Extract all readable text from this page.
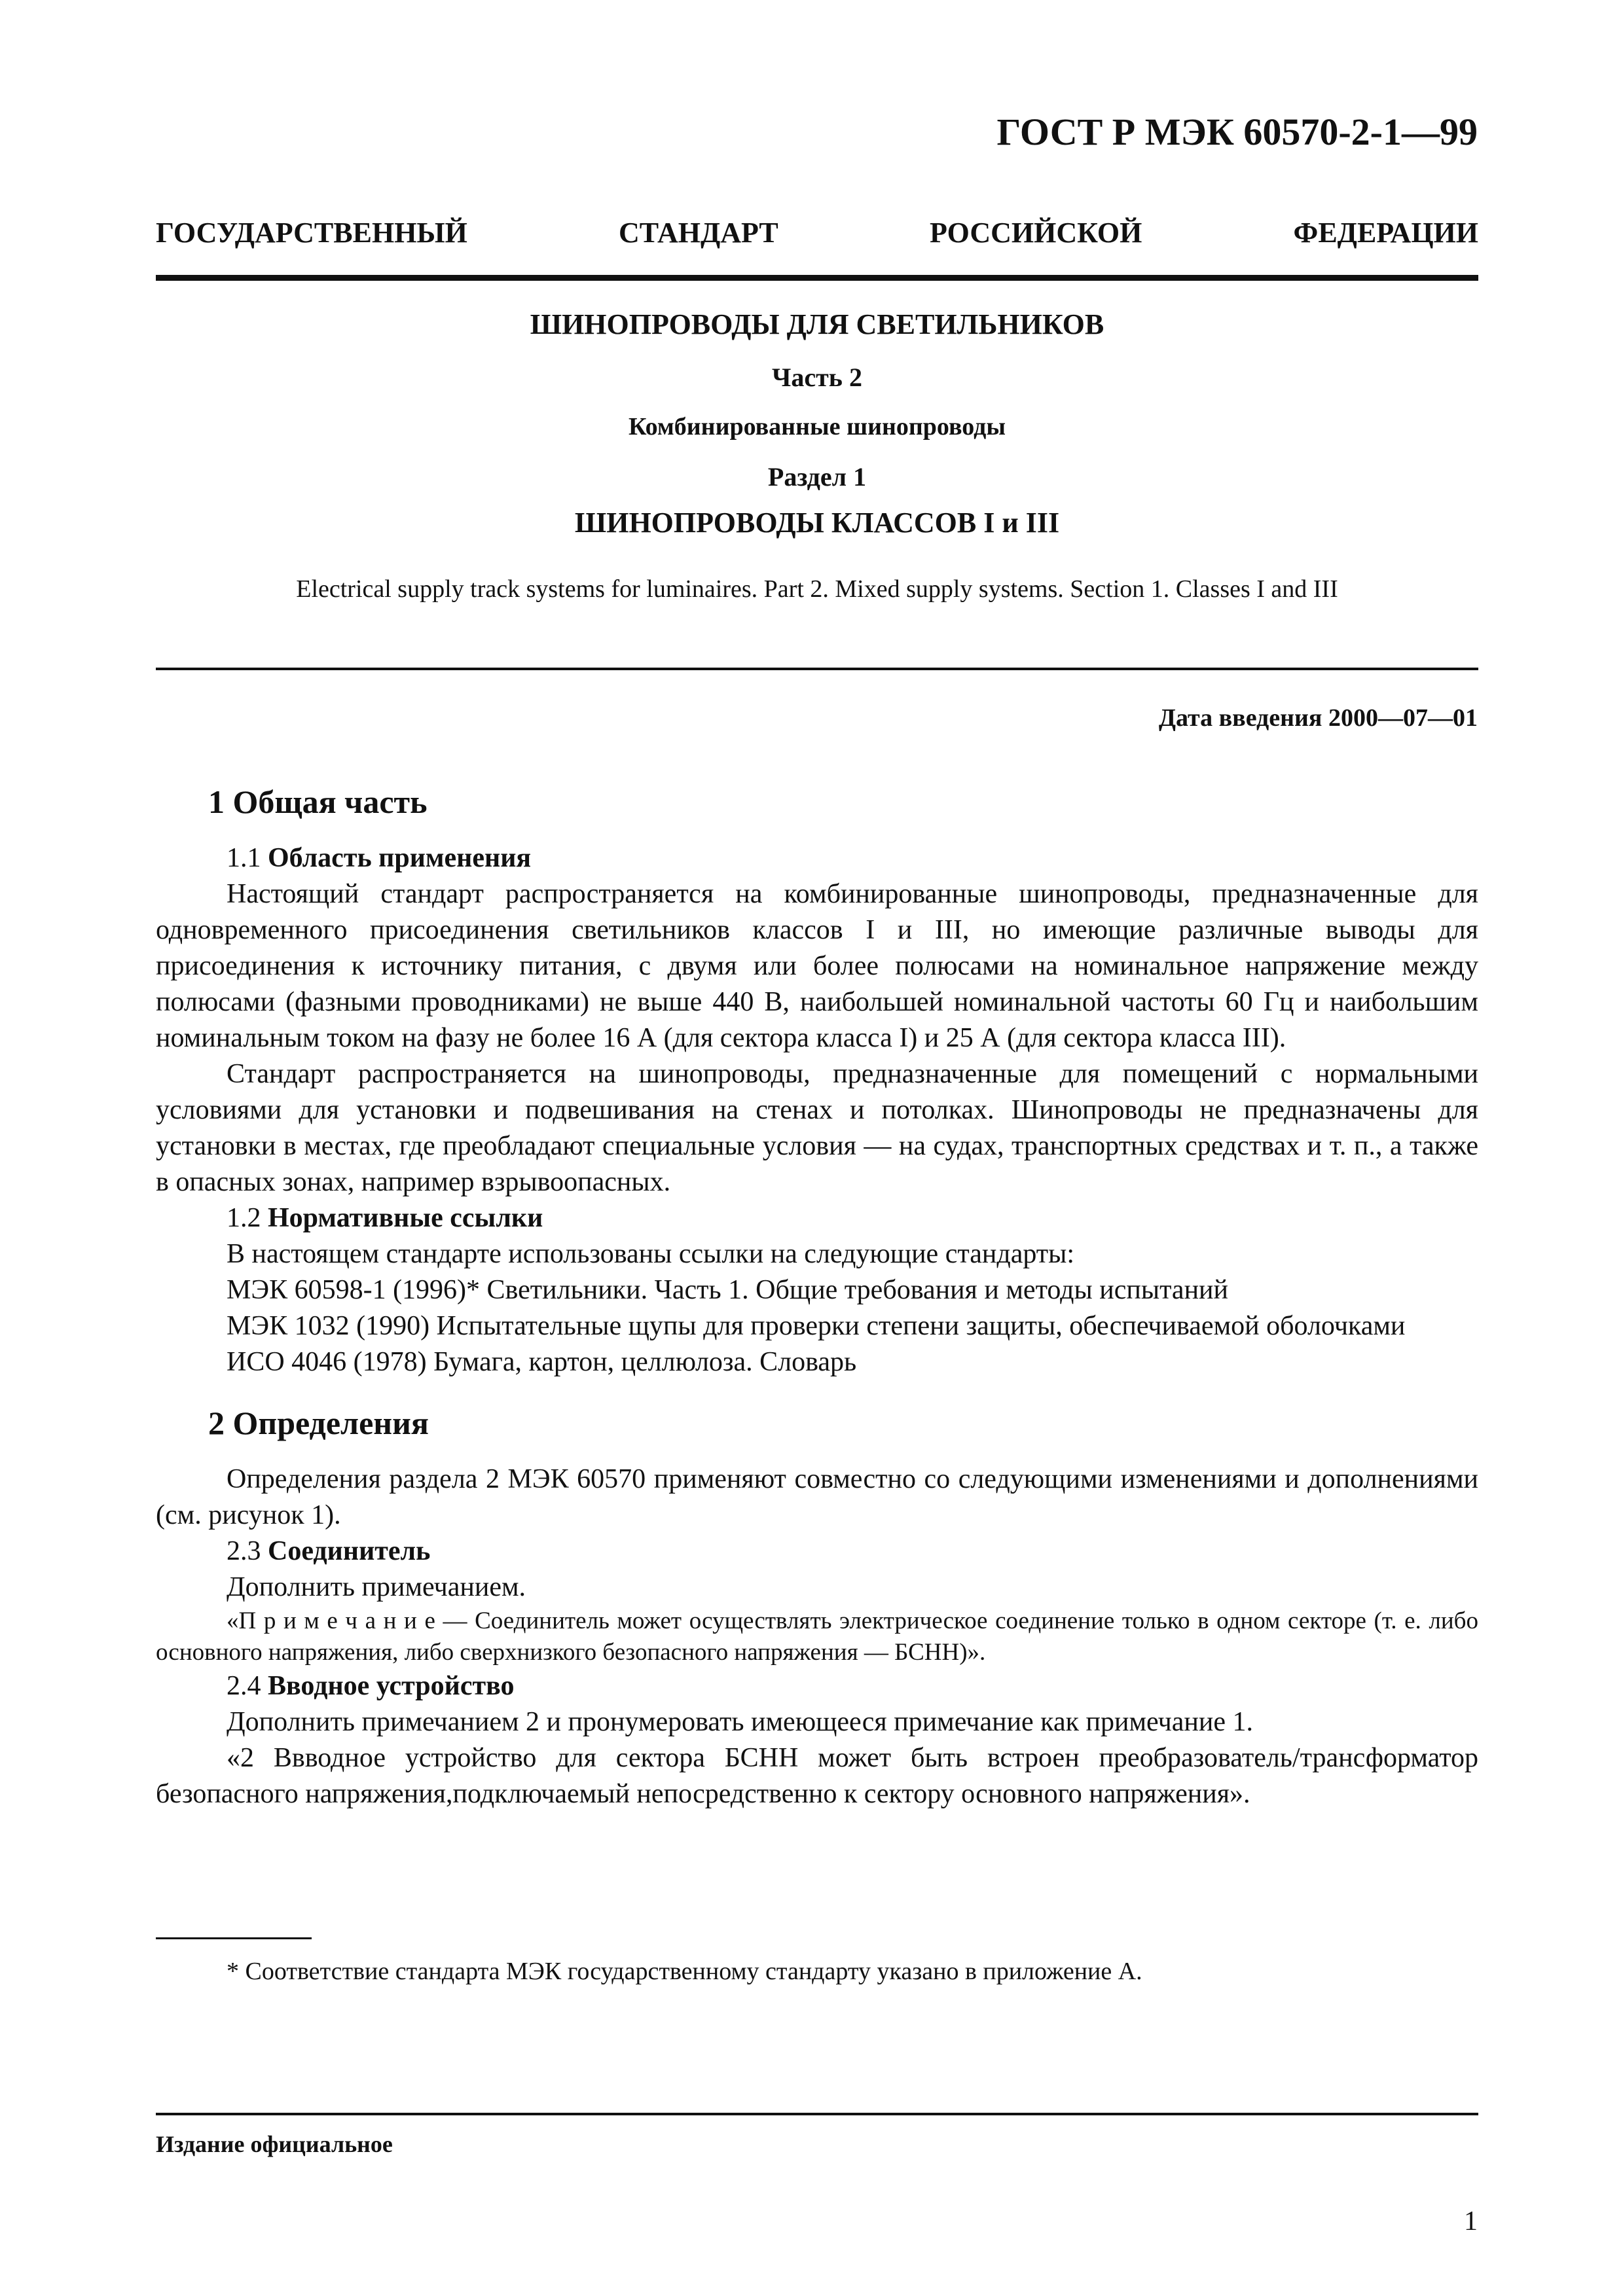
ГОСТ Р МЭК 60570-2-1—99

ГОСУДАРСТВЕННЫЙ СТАНДАРТ РОССИЙСКОЙ ФЕДЕРАЦИИ

ШИНОПРОВОДЫ ДЛЯ СВЕТИЛЬНИКОВ

Часть 2

Комбинированные шинопроводы

Раздел 1

ШИНОПРОВОДЫ КЛАССОВ I и III

Electrical supply track systems for luminaires. Part 2. Mixed supply systems. Section 1. Classes I and III

Дата введения 2000—07—01

1 Общая часть

1.1 Область применения

Настоящий стандарт распространяется на комбинированные шинопроводы, предназначенные для одновременного присоединения светильников классов I и III, но имеющие различные выводы для присоединения к источнику питания, с двумя или более полюсами на номинальное напряжение между полюсами (фазными проводниками) не выше 440 В, наибольшей номинальной частоты 60 Гц и наибольшим номинальным током на фазу не более 16 А (для сектора класса I) и 25 А (для сектора класса III).

Стандарт распространяется на шинопроводы, предназначенные для помещений с нормальными условиями для установки и подвешивания на стенах и потолках. Шинопроводы не предназначены для установки в местах, где преобладают специальные условия — на судах, транспортных средствах и т. п., а также в опасных зонах, например взрывоопасных.

1.2 Нормативные ссылки

В настоящем стандарте использованы ссылки на следующие стандарты:

МЭК 60598-1 (1996)* Светильники. Часть 1. Общие требования и методы испытаний

МЭК 1032 (1990) Испытательные щупы для проверки степени защиты, обеспечиваемой оболочками

ИСО 4046 (1978) Бумага, картон, целлюлоза. Словарь

2 Определения

Определения раздела 2 МЭК 60570 применяют совместно со следующими изменениями и дополнениями (см. рисунок 1).

2.3 Соединитель

Дополнить примечанием.

«П р и м е ч а н и е — Соединитель может осуществлять электрическое соединение только в одном секторе (т. е. либо основного напряжения, либо сверхнизкого безопасного напряжения — БСНН)».

2.4 Вводное устройство

Дополнить примечанием 2 и пронумеровать имеющееся примечание как примечание 1.

«2 Ввводное устройство для сектора БСНН может быть встроен преобразователь/трансформатор безопасного напряжения,подключаемый непосредственно к сектору основного напряжения».

* Соответствие стандарта МЭК государственному стандарту указано в приложение А.

Издание официальное

1
